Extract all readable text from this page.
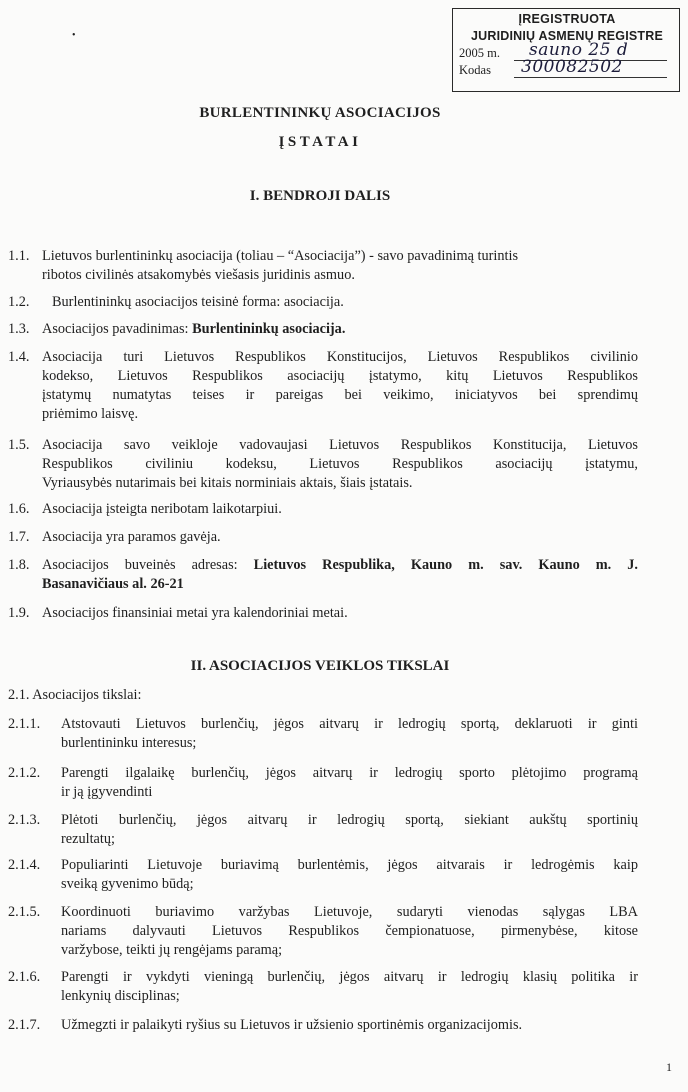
•
ĮREGISTRUOTA
JURIDINIŲ ASMENŲ REGISTRE
2005 m. sauno 25 d
Kodas 300082502
BURLENTININKŲ ASOCIACIJOS
ĮSTATAI
I. BENDROJI DALIS
1.1. Lietuvos burlentininkų asociacija (toliau – “Asociacija”) - savo pavadinimą turintis
ribotos civilinės atsakomybės viešasis juridinis asmuo.
1.2. Burlentininkų asociacijos teisinė forma: asociacija.
1.3. Asociacijos pavadinimas: Burlentininkų asociacija.
1.4. Asociacija turi Lietuvos Respublikos Konstitucijos, Lietuvos Respublikos civilinio
kodekso, Lietuvos Respublikos asociacijų įstatymo, kitų Lietuvos Respublikos
įstatymų numatytas teises ir pareigas bei veikimo, iniciatyvos bei sprendimų
priėmimo laisvę.
1.5. Asociacija savo veikloje vadovaujasi Lietuvos Respublikos Konstitucija, Lietuvos
Respublikos civiliniu kodeksu, Lietuvos Respublikos asociacijų įstatymu,
Vyriausybės nutarimais bei kitais norminiais aktais, šiais įstatais.
1.6. Asociacija įsteigta neribotam laikotarpiui.
1.7. Asociacija yra paramos gavėja.
1.8. Asociacijos buveinės adresas: Lietuvos Respublika, Kauno m. sav. Kauno m. J.
Basanavičiaus al. 26-21
1.9. Asociacijos finansiniai metai yra kalendoriniai metai.
II. ASOCIACIJOS VEIKLOS TIKSLAI
2.1. Asociacijos tikslai:
2.1.1. Atstovauti Lietuvos burlenčių, jėgos aitvarų ir ledrogių sportą, deklaruoti ir ginti
burlentininku interesus;
2.1.2. Parengti ilgalaikę burlenčių, jėgos aitvarų ir ledrogių sporto plėtojimo programą
ir ją įgyvendinti
2.1.3. Plėtoti burlenčių, jėgos aitvarų ir ledrogių sportą, siekiant aukštų sportinių
rezultatų;
2.1.4. Populiarinti Lietuvoje buriavimą burlentėmis, jėgos aitvarais ir ledrogėmis kaip
sveiką gyvenimo būdą;
2.1.5. Koordinuoti buriavimo varžybas Lietuvoje, sudaryti vienodas sąlygas LBA
nariams dalyvauti Lietuvos Respublikos čempionatuose, pirmenybėse, kitose
varžybose, teikti jų rengėjams paramą;
2.1.6. Parengti ir vykdyti vieningą burlenčių, jėgos aitvarų ir ledrogių klasių politika ir
lenkynių disciplinas;
2.1.7. Užmegzti ir palaikyti ryšius su Lietuvos ir užsienio sportinėmis organizacijomis.
1
